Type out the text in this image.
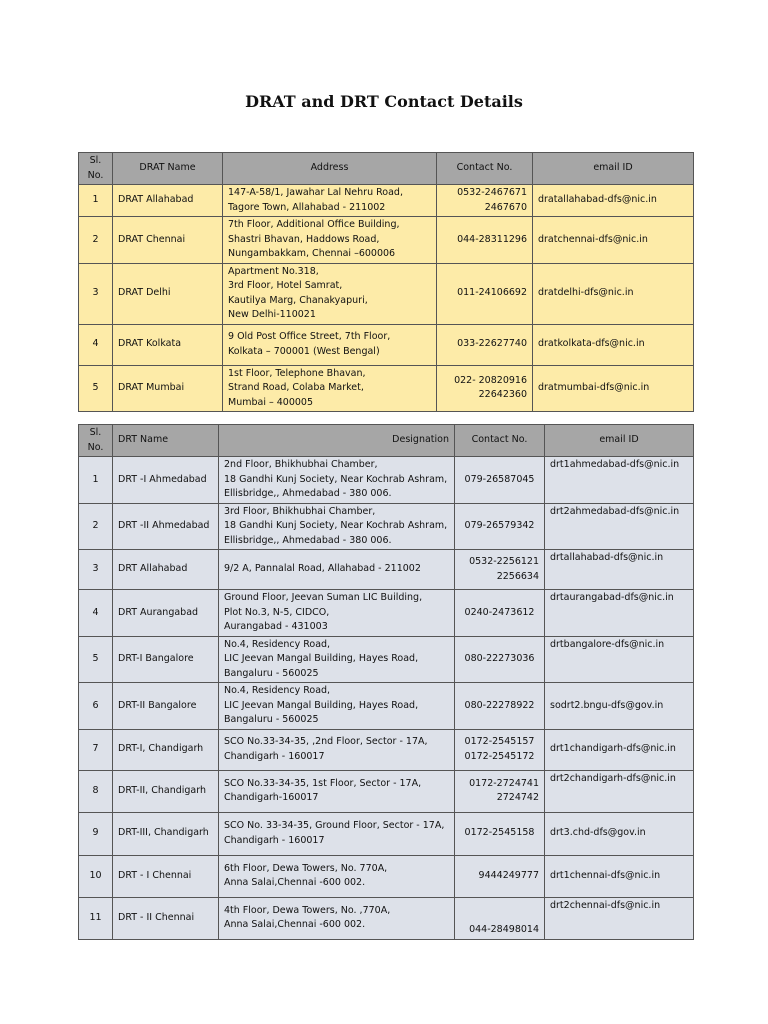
DRAT and DRT Contact Details
Sl.
No.	DRAT Name	Address	Contact No.	email ID
1	DRAT Allahabad	147-A-58/1, Jawahar Lal Nehru Road,
Tagore Town, Allahabad - 211002	0532-2467671
2467670	dratallahabad-dfs@nic.in
2	DRAT Chennai	7th Floor, Additional Office Building,
Shastri Bhavan, Haddows Road,
Nungambakkam, Chennai –600006	044-28311296	dratchennai-dfs@nic.in
3	DRAT Delhi	Apartment No.318,
3rd Floor, Hotel Samrat,
Kautilya Marg, Chanakyapuri,
New Delhi-110021	011-24106692	dratdelhi-dfs@nic.in
4	DRAT Kolkata	9 Old Post Office Street, 7th Floor,
Kolkata – 700001 (West Bengal)	033-22627740	dratkolkata-dfs@nic.in
5	DRAT Mumbai	1st Floor, Telephone Bhavan,
Strand Road, Colaba Market,
Mumbai – 400005	022- 20820916
22642360	dratmumbai-dfs@nic.in
Sl.
No.	DRT Name	Designation	Contact No.	email ID
1	DRT -I Ahmedabad	2nd Floor, Bhikhubhai Chamber,
18 Gandhi Kunj Society, Near Kochrab Ashram,
Ellisbridge,, Ahmedabad - 380 006.	079-26587045	drt1ahmedabad-dfs@nic.in
2	DRT -II Ahmedabad	3rd Floor, Bhikhubhai Chamber,
18 Gandhi Kunj Society, Near Kochrab Ashram,
Ellisbridge,, Ahmedabad - 380 006.	079-26579342	drt2ahmedabad-dfs@nic.in
3	DRT Allahabad	9/2 A, Pannalal Road, Allahabad - 211002	0532-2256121
2256634	drtallahabad-dfs@nic.in
4	DRT Aurangabad	Ground Floor, Jeevan Suman LIC Building,
Plot No.3, N-5, CIDCO,
Aurangabad - 431003	0240-2473612	drtaurangabad-dfs@nic.in
5	DRT-I Bangalore	No.4, Residency Road,
LIC Jeevan Mangal Building, Hayes Road,
Bangaluru - 560025	080-22273036	drtbangalore-dfs@nic.in
6	DRT-II Bangalore	No.4, Residency Road,
LIC Jeevan Mangal Building, Hayes Road,
Bangaluru - 560025	080-22278922	sodrt2.bngu-dfs@gov.in
7	DRT-I, Chandigarh	SCO No.33-34-35, ,2nd Floor, Sector - 17A,
Chandigarh - 160017	0172-2545157
0172-2545172	drt1chandigarh-dfs@nic.in
8	DRT-II, Chandigarh	SCO No.33-34-35, 1st Floor, Sector - 17A,
Chandigarh-160017	0172-2724741
2724742	drt2chandigarh-dfs@nic.in
9	DRT-III, Chandigarh	SCO No. 33-34-35, Ground Floor, Sector - 17A,
Chandigarh - 160017	0172-2545158	drt3.chd-dfs@gov.in
10	DRT - I Chennai	6th Floor, Dewa Towers, No. 770A,
Anna Salai,Chennai -600 002.	9444249777	drt1chennai-dfs@nic.in
11	DRT - II Chennai	4th Floor, Dewa Towers, No. ,770A,
Anna Salai,Chennai -600 002.	044-28498014	drt2chennai-dfs@nic.in
